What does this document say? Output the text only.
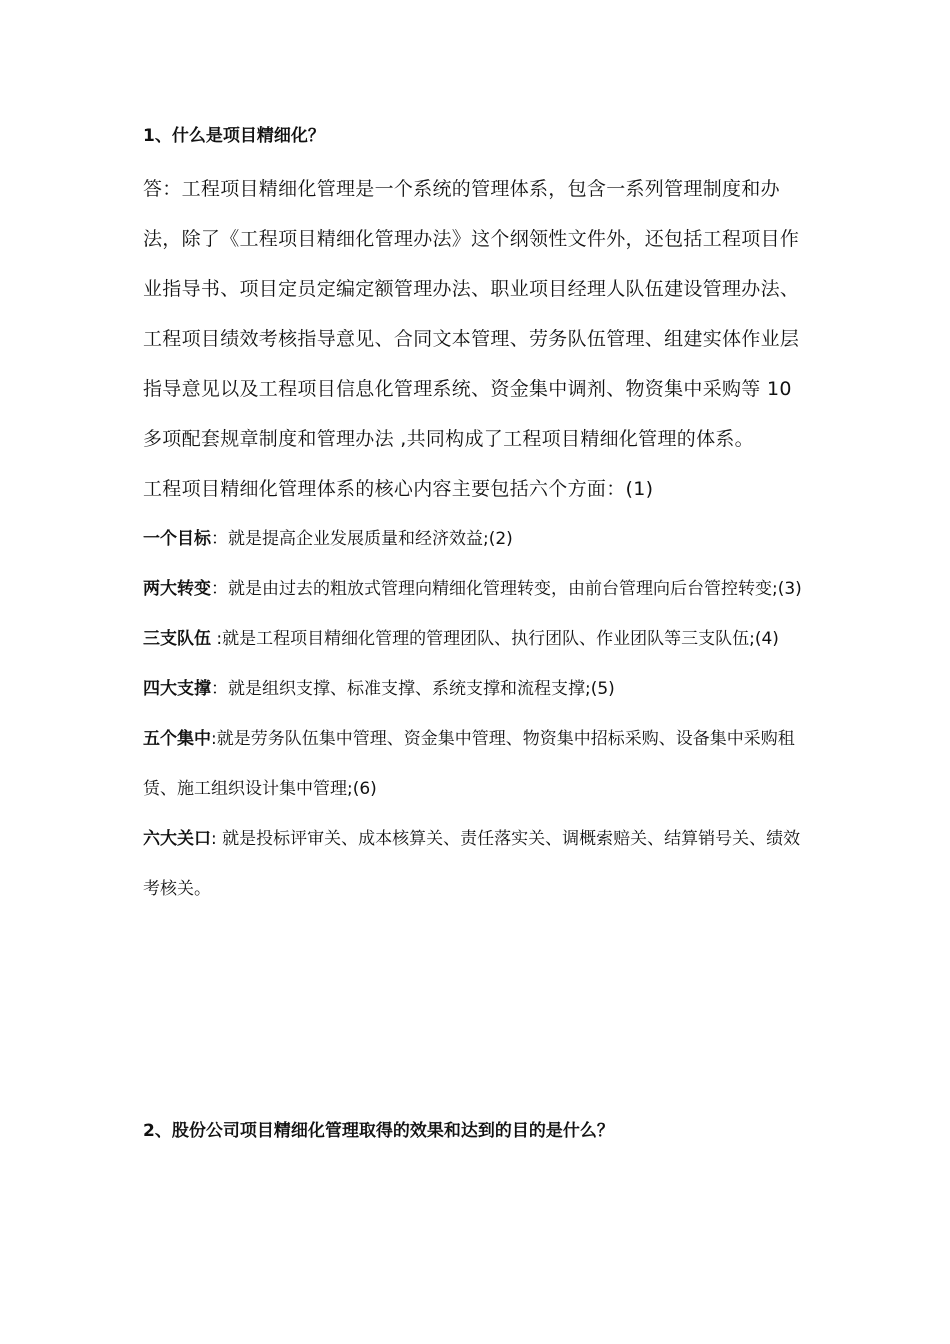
1、什么是项目精细化？

答：工程项目精细化管理是一个系统的管理体系，包含一系列管理制度和办法，除了《工程项目精细化管理办法》这个纲领性文件外，还包括工程项目作业指导书、项目定员定编定额管理办法、职业项目经理人队伍建设管理办法、工程项目绩效考核指导意见、合同文本管理、劳务队伍管理、组建实体作业层指导意见以及工程项目信息化管理系统、资金集中调剂、物资集中采购等 10 多项配套规章制度和管理办法 ,共同构成了工程项目精细化管理的体系。

工程项目精细化管理体系的核心内容主要包括六个方面：(1)

一个目标：就是提高企业发展质量和经济效益;(2)

两大转变：就是由过去的粗放式管理向精细化管理转变，由前台管理向后台管控转变;(3)

三支队伍 :就是工程项目精细化管理的管理团队、执行团队、作业团队等三支队伍;(4)

四大支撑：就是组织支撑、标准支撑、系统支撑和流程支撑;(5)

五个集中:就是劳务队伍集中管理、资金集中管理、物资集中招标采购、设备集中采购租赁、施工组织设计集中管理;(6)

六大关口: 就是投标评审关、成本核算关、责任落实关、调概索赔关、结算销号关、绩效考核关。

2、股份公司项目精细化管理取得的效果和达到的目的是什么？
